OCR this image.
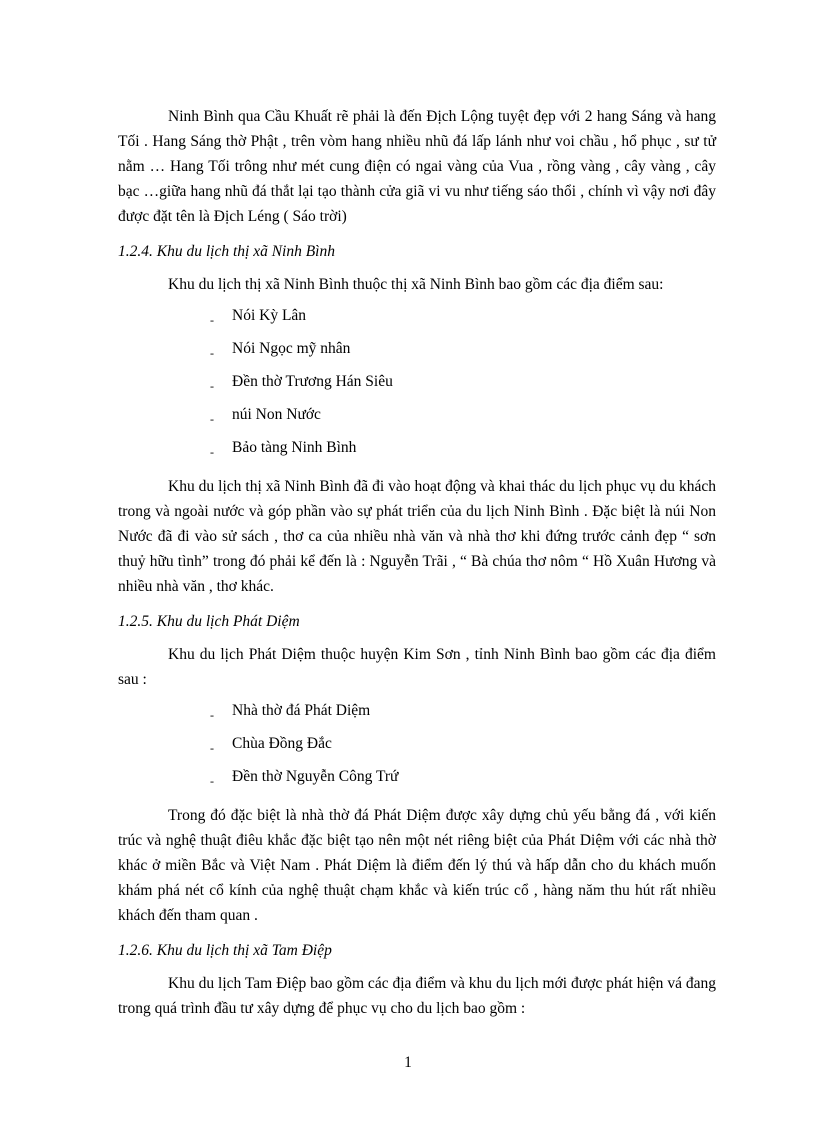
Ninh Bình qua Cầu Khuất rẽ phải là đến Địch Lộng tuyệt đẹp với 2 hang Sáng và hang Tối . Hang Sáng thờ Phật , trên vòm hang nhiều nhũ đá lấp lánh như voi chầu , hổ phục , sư tử nằm … Hang Tối trông như mét cung điện có ngai vàng của Vua , rồng vàng , cây vàng , cây bạc …giữa hang nhũ đá thắt lại tạo thành cửa giã vi vu như tiếng sáo thổi , chính vì vậy nơi đây được đặt tên là Địch Léng ( Sáo trời)

1.2.4. Khu du lịch thị xã Ninh Bình

Khu du lịch thị xã Ninh Bình thuộc thị xã Ninh Bình bao gồm các địa điểm sau:

-	Nói Kỳ Lân
-	Nói Ngọc mỹ nhân
-	Đền thờ Trương Hán Siêu
-	núi Non Nước
-	Bảo tàng Ninh Bình

Khu du lịch thị xã Ninh Bình đã đi vào hoạt động và khai thác du lịch phục vụ du khách trong và ngoài nước và góp phần vào sự phát triển của du lịch Ninh Bình . Đặc biệt là núi Non Nước đã đi vào sử sách , thơ ca của nhiều nhà văn và nhà thơ khi đứng trước cảnh đẹp “ sơn thuỷ hữu tình” trong đó phải kể đến là : Nguyễn Trãi , “ Bà chúa thơ nôm “ Hồ Xuân Hương và nhiều nhà văn , thơ khác.

1.2.5. Khu du lịch Phát Diệm

Khu du lịch Phát Diệm thuộc huyện Kim Sơn , tỉnh Ninh Bình bao gồm các địa điểm sau :

-	Nhà thờ đá Phát Diệm
-	Chùa Đồng Đắc
-	Đền thờ Nguyễn Công Trứ

Trong đó đặc biệt là nhà thờ đá Phát Diệm được xây dựng chủ yếu bằng đá , với kiến trúc và nghệ thuật điêu khắc đặc biệt tạo nên một nét riêng biệt của Phát Diệm với các nhà thờ khác ở miền Bắc và Việt Nam . Phát Diệm là điểm đến lý thú và hấp dẫn cho du khách muốn khám phá nét cổ kính của nghệ thuật chạm khắc và kiến trúc cổ , hàng năm thu hút rất nhiều khách đến tham quan .

1.2.6. Khu du lịch thị xã Tam Điệp

Khu du lịch Tam Điệp bao gồm các địa điểm và khu du lịch mới được phát hiện vá đang trong quá trình đầu tư xây dựng để phục vụ cho du lịch bao gồm :

1
